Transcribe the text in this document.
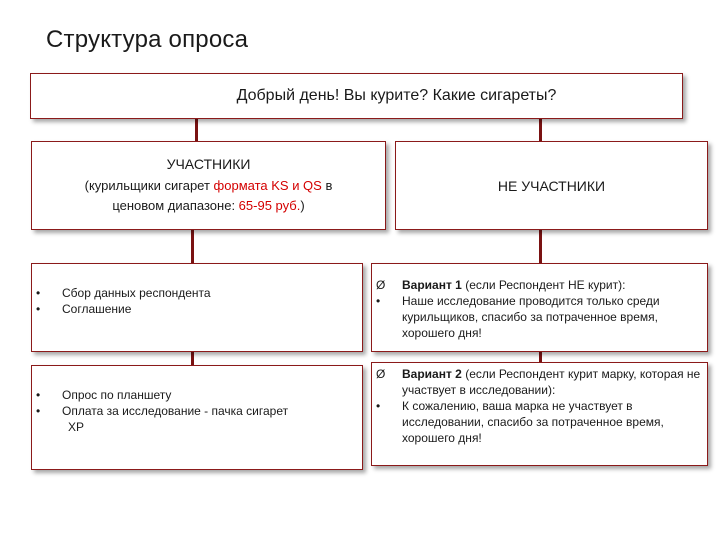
Структура опроса
Добрый день! Вы курите? Какие сигареты?
УЧАСТНИКИ
(курильщики сигарет формата KS и QS в
ценовом диапазоне: 65-95 руб.)
НЕ УЧАСТНИКИ
• Сбор данных респондента
• Соглашение
• Опрос по планшету
• Оплата за исследование - пачка сигарет
XP
Ø Вариант 1 (если Респондент НЕ курит):
• Наше исследование проводится только среди курильщиков, спасибо за потраченное время, хорошего дня!
Ø Вариант 2 (если Респондент курит марку, которая не участвует в исследовании):
• К сожалению, ваша марка не участвует в исследовании, спасибо за потраченное время, хорошего дня!
